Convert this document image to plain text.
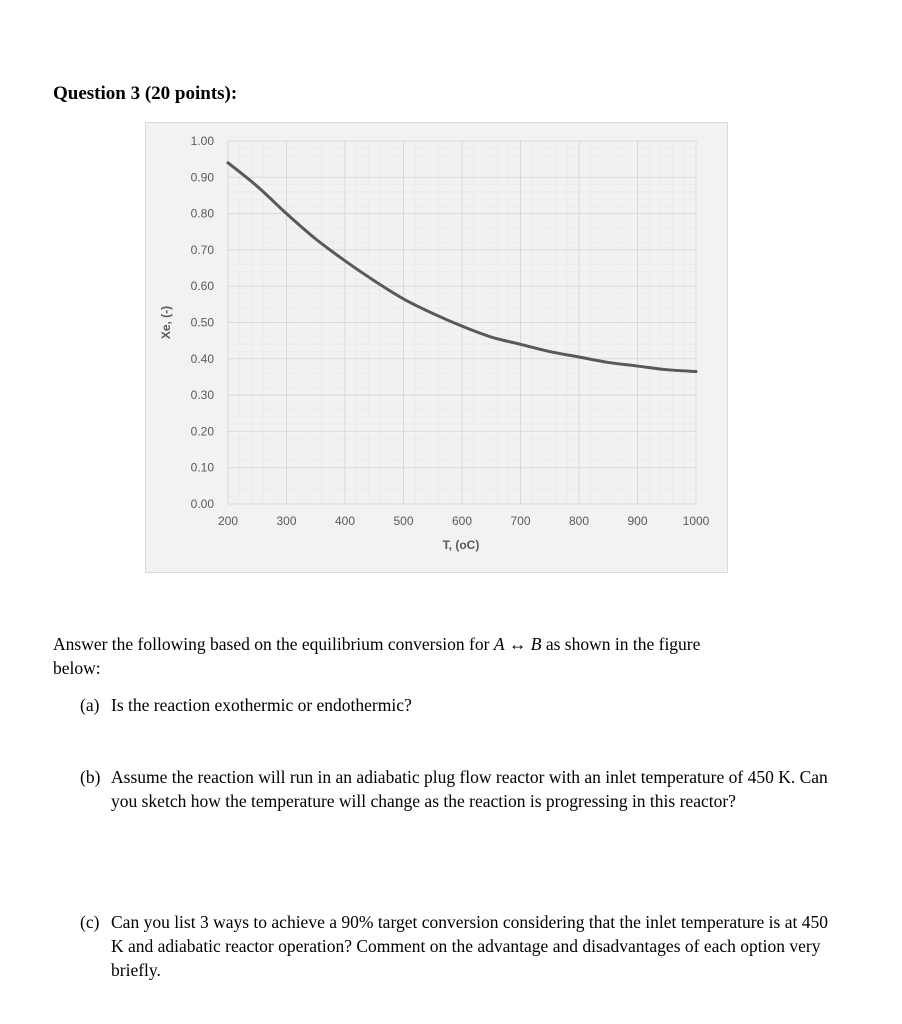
Question 3 (20 points):
0.00
0.10
0.20
0.30
0.40
0.50
0.60
0.70
0.80
0.90
1.00
200	300	400	500	600	700	800	900	1000
Xe, (-)
T, (oC)

Answer the following based on the equilibrium conversion for A ↔ B as shown in the figure
below:

(a) Is the reaction exothermic or endothermic?
(b) Assume the reaction will run in an adiabatic plug flow reactor with an inlet temperature of 450 K. Can you sketch how the temperature will change as the reaction is progressing in this reactor?
(c) Can you list 3 ways to achieve a 90% target conversion considering that the inlet temperature is at 450 K and adiabatic reactor operation? Comment on the advantage and disadvantages of each option very briefly.
